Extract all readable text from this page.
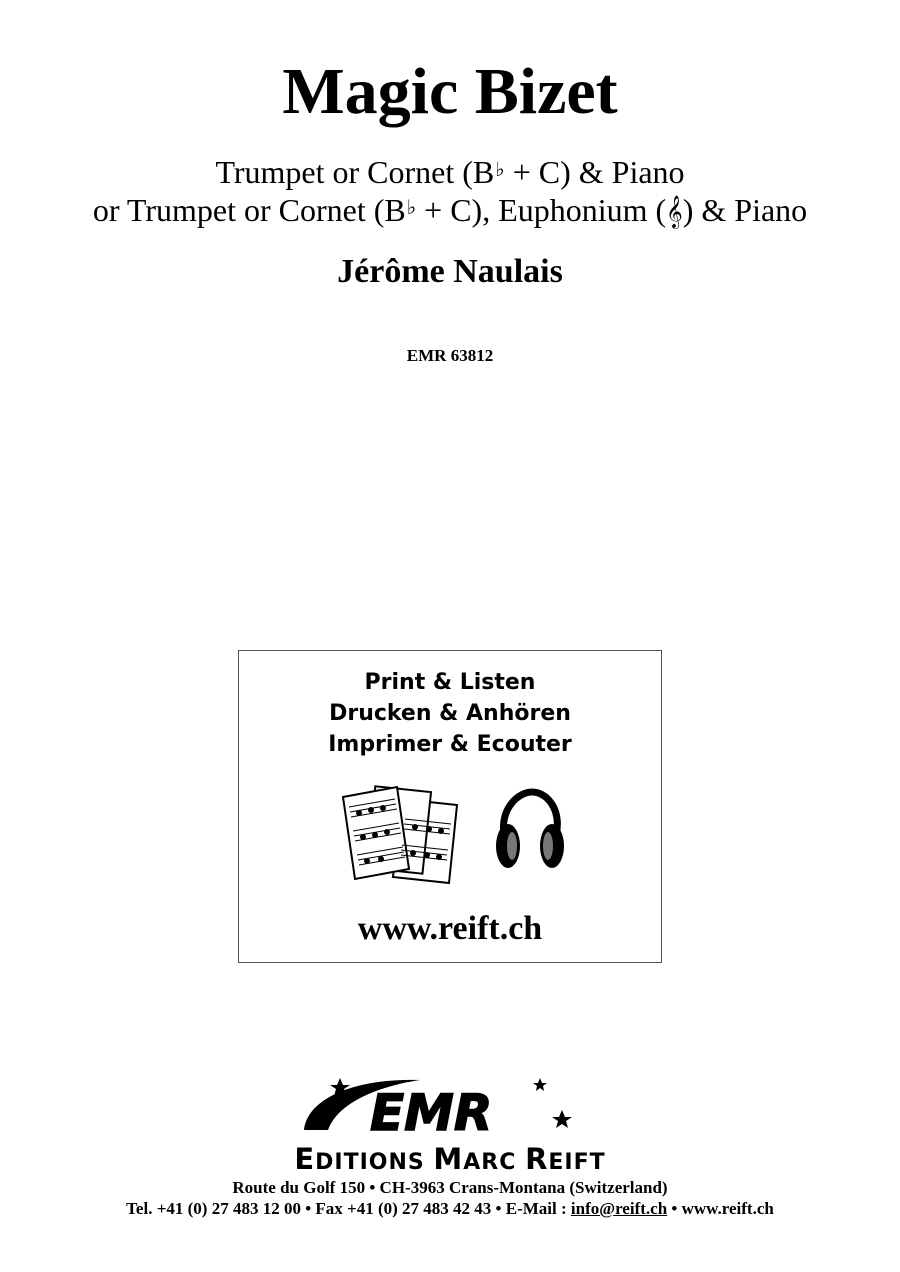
Magic Bizet
Trumpet or Cornet (B♭ + C) & Piano
or Trumpet or Cornet (B♭ + C), Euphonium (𝄞) & Piano
Jérôme Naulais
EMR 63812
Print & Listen
Drucken & Anhören
Imprimer & Ecouter
www.reift.ch
EMR
EDITIONS MARC REIFT
Route du Golf 150 • CH-3963 Crans-Montana (Switzerland)
Tel. +41 (0) 27 483 12 00 • Fax +41 (0) 27 483 42 43 • E-Mail : info@reift.ch • www.reift.ch
